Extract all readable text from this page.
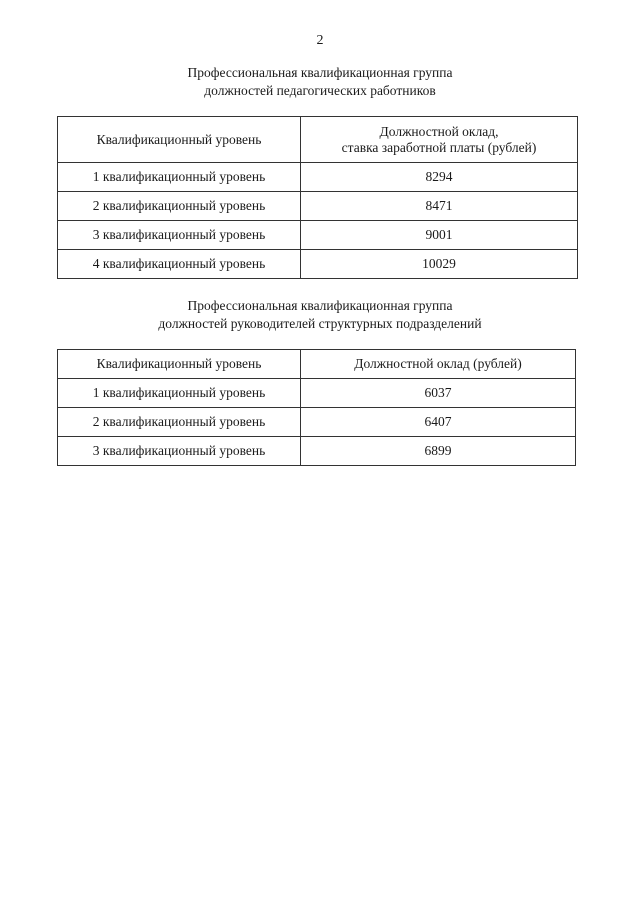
2
Профессиональная квалификационная группа
должностей педагогических работников
Квалификационный уровень	Должностной оклад,
ставка заработной платы (рублей)

1 квалификационный уровень	8294
2 квалификационный уровень	8471
3 квалификационный уровень	9001
4 квалификационный уровень	10029
Профессиональная квалификационная группа
должностей руководителей структурных подразделений
Квалификационный уровень	Должностной оклад (рублей)
1 квалификационный уровень	6037
2 квалификационный уровень	6407
3 квалификационный уровень	6899
